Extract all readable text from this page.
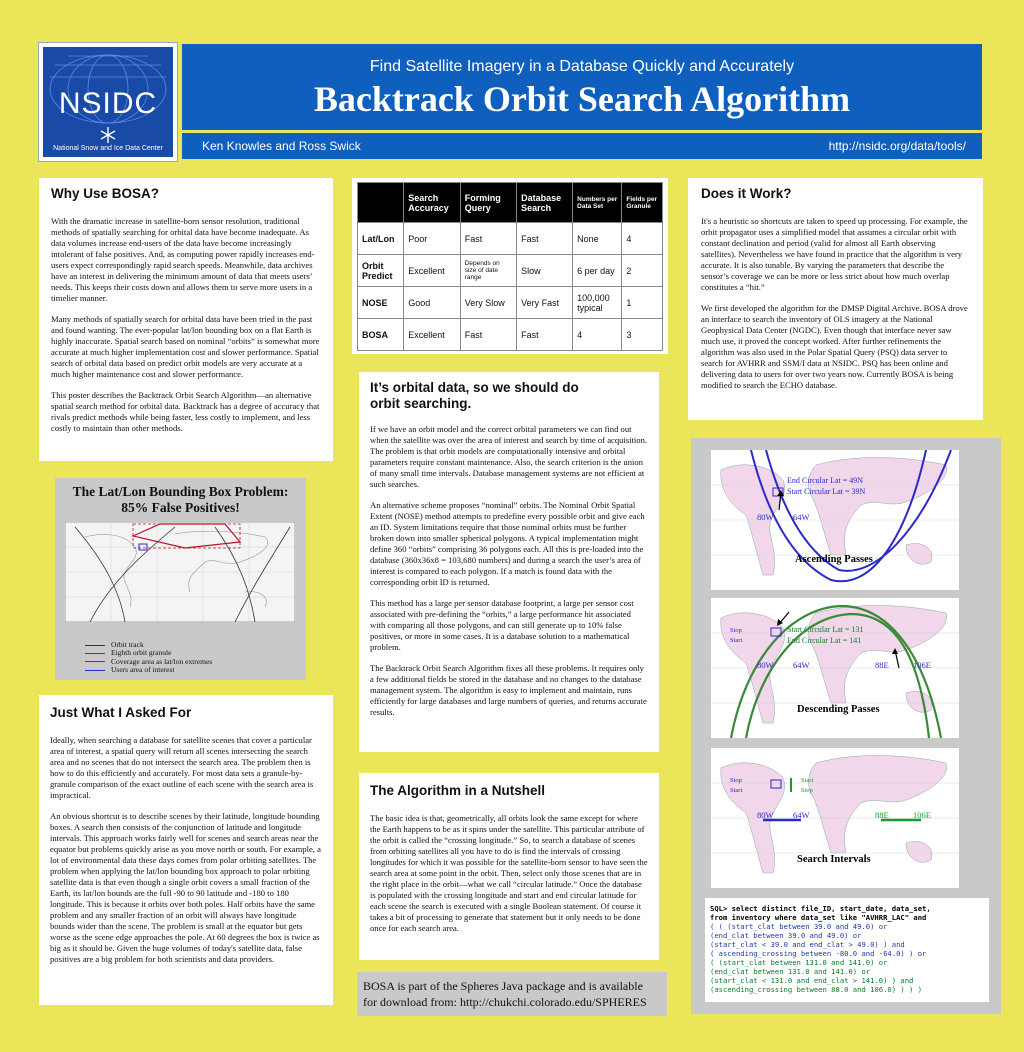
NSIDC
National Snow and Ice Data Center
Find Satellite Imagery in a Database Quickly and Accurately
Backtrack Orbit Search Algorithm
Ken Knowles and Ross Swick	http://nsidc.org/data/tools/
Why Use BOSA?

With the dramatic increase in satellite-born sensor resolution, traditional methods of spatially searching for orbital data have become inadequate. As data volumes increase end-users of the data have become increasingly intolerant of false positives. And, as computing power rapidly increases end-users expect correspondingly rapid search speeds. Meanwhile, data archives have an interest in delivering the minimum amount of data that meets users’ needs. This keeps their costs down and allows them to serve more users in a timelier manner.

Many methods of spatially search for orbital data have been tried in the past and found wanting. The ever-popular lat/lon bounding box on a flat Earth is highly inaccurate. Spatial search based on nominal “orbits” is somewhat more accurate at much higher implementation cost and slower performance. Spatial search of orbital data based on predict orbit models are very accurate at a much higher maintenance cost and slower performance.

This poster describes the Backtrack Orbit Search Algorithm—an alternative spatial search method for orbital data. Backtrack has a degree of accuracy that rivals predict methods while being faster, less costly to implement, and less costly to maintain than other methods.

The Lat/Lon Bounding Box Problem:
85% False Positives!
Orbit track
Eighth orbit granule
Coverage area as lat/lon extremes
Users area of interest
Just What I Asked For

Ideally, when searching a database for satellite scenes that cover a particular area of interest, a spatial query will return all scenes intersecting the search area and no scenes that do not intersect the search area. The problem then is how to do this efficiently and accurately. For most data sets a granule-by-granule comparison of the exact outline of each scene with the search area is impractical.

An obvious shortcut is to describe scenes by their latitude, longitude bounding boxes. A search then consists of the conjunction of latitude and longitude intervals. This approach works fairly well for scenes and search areas near the equator but problems quickly arise as you move north or south. For example, a lot of environmental data these days comes from polar orbiting satellites. The problem when applying the lat/lon bounding box approach to polar orbiting satellite data is that even though a single orbit covers a small fraction of the Earth, its lat/lon bounds are the full -90 to 90 latitude and -180 to 180 longitude. This is because it orbits over both poles. Half orbits have the same problem and any smaller fraction of an orbit will always have longitude bounds wider than the scene. The problem is small at the equator but gets worse as the scene edge approaches the pole. At 60 degrees the box is twice as big as it should be. Given the huge volumes of today's satellite data, false positives are a big problem for both scientists and data providers.

	Search Accuracy	Forming Query	Database Search	Numbers per Data Set	Fields per Granule
Lat/Lon	Poor	Fast	Fast	None	4
Orbit Predict	Excellent	Depends on size of date range	Slow	6 per day	2
NOSE	Good	Very Slow	Very Fast	100,000 typical	1
BOSA	Excellent	Fast	Fast	4	3
It’s orbital data, so we should do
orbit searching.

If we have an orbit model and the correct orbital parameters we can find out when the satellite was over the area of interest and search by time of acquisition. The problem is that orbit models are computationally intensive and orbital parameters require constant maintenance. Also, the search criterion is the union of many small time intervals. Database management systems are not efficient at such searches.

An alternative scheme proposes “nominal” orbits. The Nominal Orbit Spatial Extent (NOSE) method attempts to predefine every possible orbit and give each an ID. System limitations require that those nominal orbits must be further broken down into smaller spherical polygons. A typical implementation might define 360 “orbits” comprising 36 polygons each. All this is pre-loaded into the database (360x36x8 = 103,680 numbers) and during a search the user’s area of interest is compared to each polygon. If a match is found data with the corresponding orbit ID is returned.

This method has a large per sensor database footprint, a large per sensor cost associated with pre-defining the “orbits,” a large performance hit associated with comparing all those polygons, and can still generate up to 10% false positives, or more in some cases. It is a database solution to a mathematical problem.

The Backtrack Orbit Search Algorithm fixes all these problems. It requires only a few additional fields be stored in the database and no changes to the database management system. The algorithm is easy to implement and maintain, runs efficiently for large databases and large numbers of queries, and returns accurate results.

The Algorithm in a Nutshell

The basic idea is that, geometrically, all orbits look the same except for where the Earth happens to be as it spins under the satellite. This particular attribute of the orbit is called the “crossing longitude.” So, to search a database of scenes from orbiting satellites all you have to do is find the intervals of crossing longitudes for which it was possible for the satellite-born sensor to have seen the search area at some point in the orbit. Then, select only those scenes that are in the right place in the orbit—what we call “circular latitude.” Once the database is populated with the crossing longitude and start and end circular latitude for each scene the search is executed with a single Boolean statement. Of course it takes a bit of processing to generate that statement but it only needs to be done once for each search area.

BOSA is part of the Spheres Java package and is available
for download from: http://chukchi.colorado.edu/SPHERES
Does it Work?

It's a heuristic so shortcuts are taken to speed up processing. For example, the orbit propagator uses a simplified model that assumes a circular orbit with constant declination and period (valid for almost all Earth observing satellites). Nevertheless we have found in practice that the algorithm is very accurate. It is also tunable. By varying the parameters that describe the sensor’s coverage we can be more or less strict about how much overlap constitutes a “hit.”

We first developed the algorithm for the DMSP Digital Archive. BOSA drove an interface to search the inventory of OLS imagery at the National Geophysical Data Center (NGDC). Even though that interface never saw much use, it proved the concept worked. After further refinements the algorithm was also used in the Polar Spatial Query (PSQ) data server to search for AVHRR and SSM/I data at NSIDC. PSQ has been online and delivering data to users for over two years now. Currently BOSA is being modified to search the ECHO database.

End Circular Lat = 49N
Start Circular Lat = 39N
80W 64W
Ascending Passes
Stop
Start
Start Circular Lat = 131
End Circular Lat = 141
80W 64W	88E	106E
Descending Passes
Stop
Start
Start
Stop
80W 64W	88E	106E
Search Intervals
SQL> select distinct file_ID, start_date, data_set,
from inventory where data_set like "AVHRR_LAC" and
( ( (start_clat between 39.0 and 49.0) or
(end_clat between 39.0 and 49.0) or
(start_clat < 39.0 and end_clat > 49.0) ) and
( ascending_crossing between -80.0 and -64.0) ) or
( (start_clat between 131.0 and 141.0) or
(end_clat between 131.0 and 141.0) or
(start_clat < 131.0 and end_clat > 141.0) ) and
(ascending_crossing between 88.0 and 106.0) ) ) )
